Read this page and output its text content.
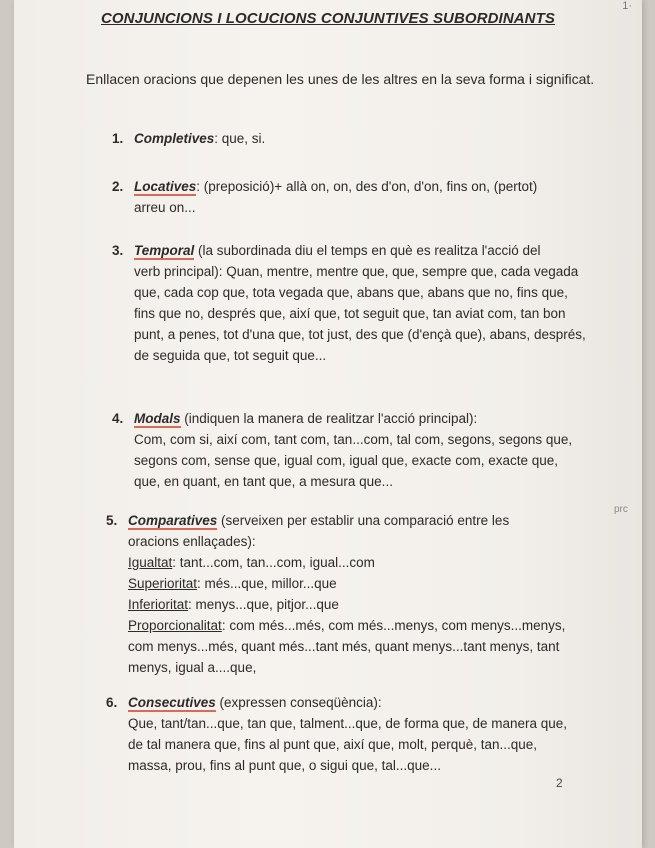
1·
CONJUNCIONS I LOCUCIONS CONJUNTIVES SUBORDINANTS
Enllacen oracions que depenen les unes de les altres en la seva forma i significat.
1. Completives: que, si.
2. Locatives: (preposició)+ allà on, on, des d'on, d'on, fins on, (pertot)
arreu on...
3. Temporal (la subordinada diu el temps en què es realitza l'acció del
verb principal): Quan, mentre, mentre que, que, sempre que, cada vegada que, cada cop que, tota vegada que, abans que, abans que no, fins que, fins que no, després que, així que, tot seguit que, tan aviat com, tan bon punt, a penes, tot d'una que, tot just, des que (d'ençà que), abans, després, de seguida que, tot seguit que...
4. Modals (indiquen la manera de realitzar l'acció principal):
Com, com si, així com, tant com, tan...com, tal com, segons, segons que, segons com, sense que, igual com, igual que, exacte com, exacte que, que, en quant, en tant que, a mesura que...
5. Comparatives (serveixen per establir una comparació entre les
oracions enllaçades):
Igualtat: tant...com, tan...com, igual...com
Superioritat: més...que, millor...que
Inferioritat: menys...que, pitjor...que
Proporcionalitat: com més...més, com més...menys, com menys...menys, com menys...més, quant més...tant més, quant menys...tant menys, tant menys, igual a....que,
prc
6. Consecutives (expressen conseqüència):
Que, tant/tan...que, tan que, talment...que, de forma que, de manera que, de tal manera que, fins al punt que, així que, molt, perquè, tan...que, massa, prou, fins al punt que, o sigui que, tal...que...
2
